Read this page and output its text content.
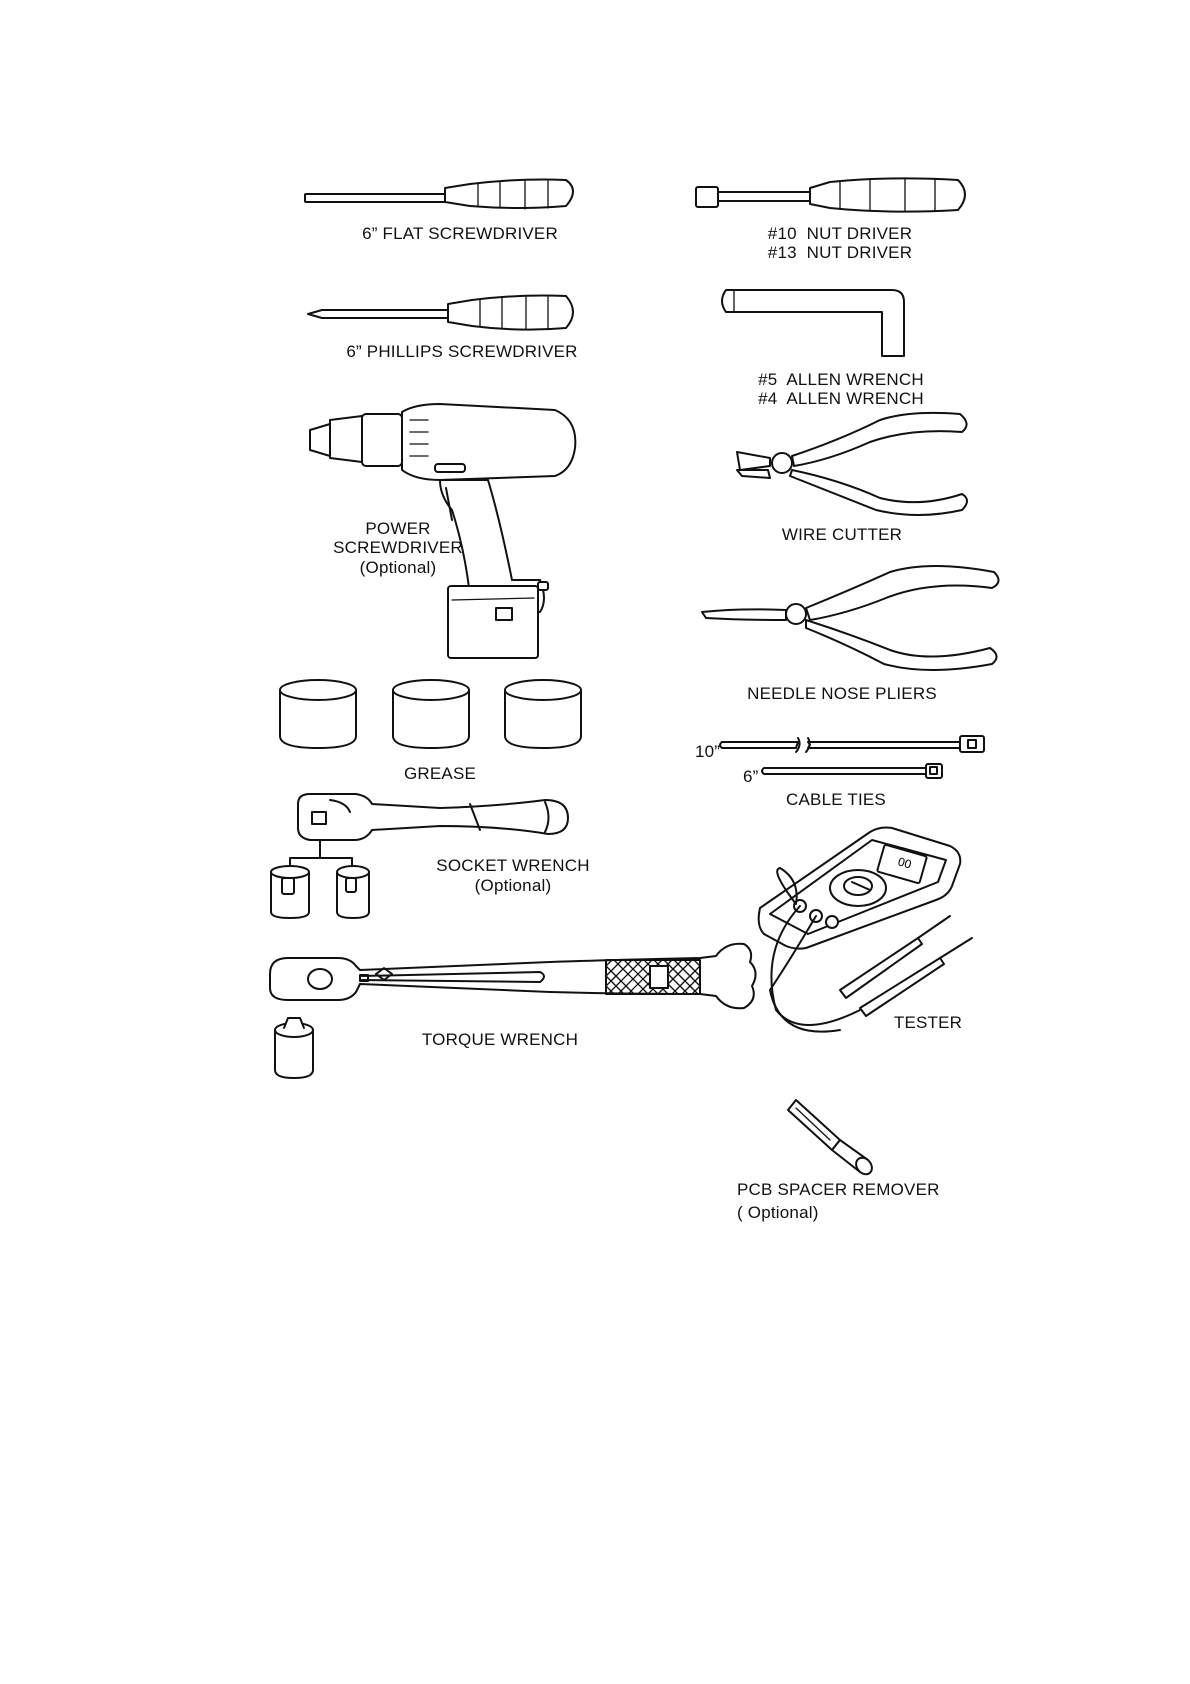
00
6” FLAT SCREWDRIVER	#10  NUT DRIVER
#13  NUT DRIVER
6” PHILLIPS SCREWDRIVER
#5  ALLEN WRENCH
#4  ALLEN WRENCH
POWER
SCREWDRIVER
(Optional)
WIRE CUTTER
NEEDLE NOSE PLIERS
GREASE
10”
6”
CABLE TIES
SOCKET WRENCH
(Optional)
TESTER
TORQUE WRENCH
PCB SPACER REMOVER
( Optional)
